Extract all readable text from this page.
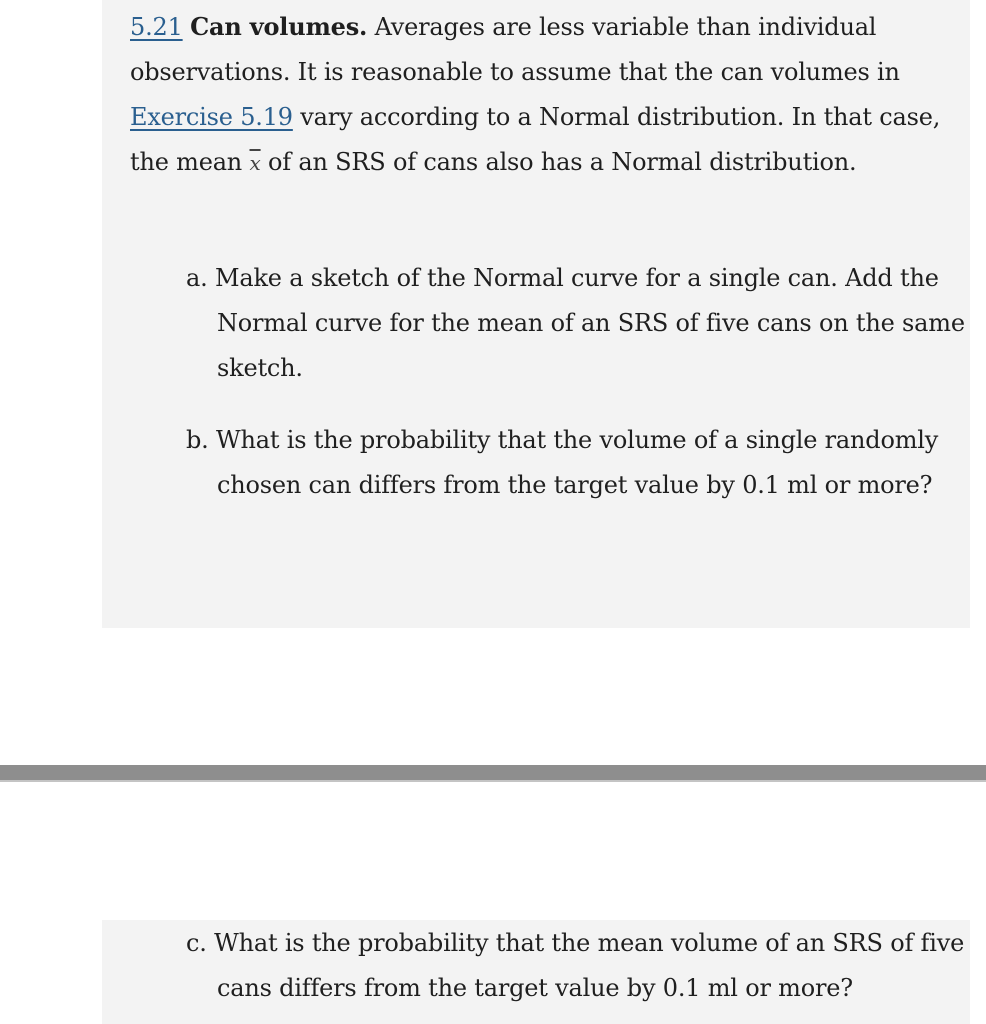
5.21 Can volumes. Averages are less variable than individual observations. It is reasonable to assume that the can volumes in Exercise 5.19 vary according to a Normal distribution. In that case, the mean $\overline{x}$ of an SRS of cans also has a Normal distribution.

a. Make a sketch of the Normal curve for a single can. Add the Normal curve for the mean of an SRS of five cans on the same sketch.

b. What is the probability that the volume of a single randomly chosen can differs from the target value by 0.1 ml or more?

c. What is the probability that the mean volume of an SRS of five cans differs from the target value by 0.1 ml or more?
